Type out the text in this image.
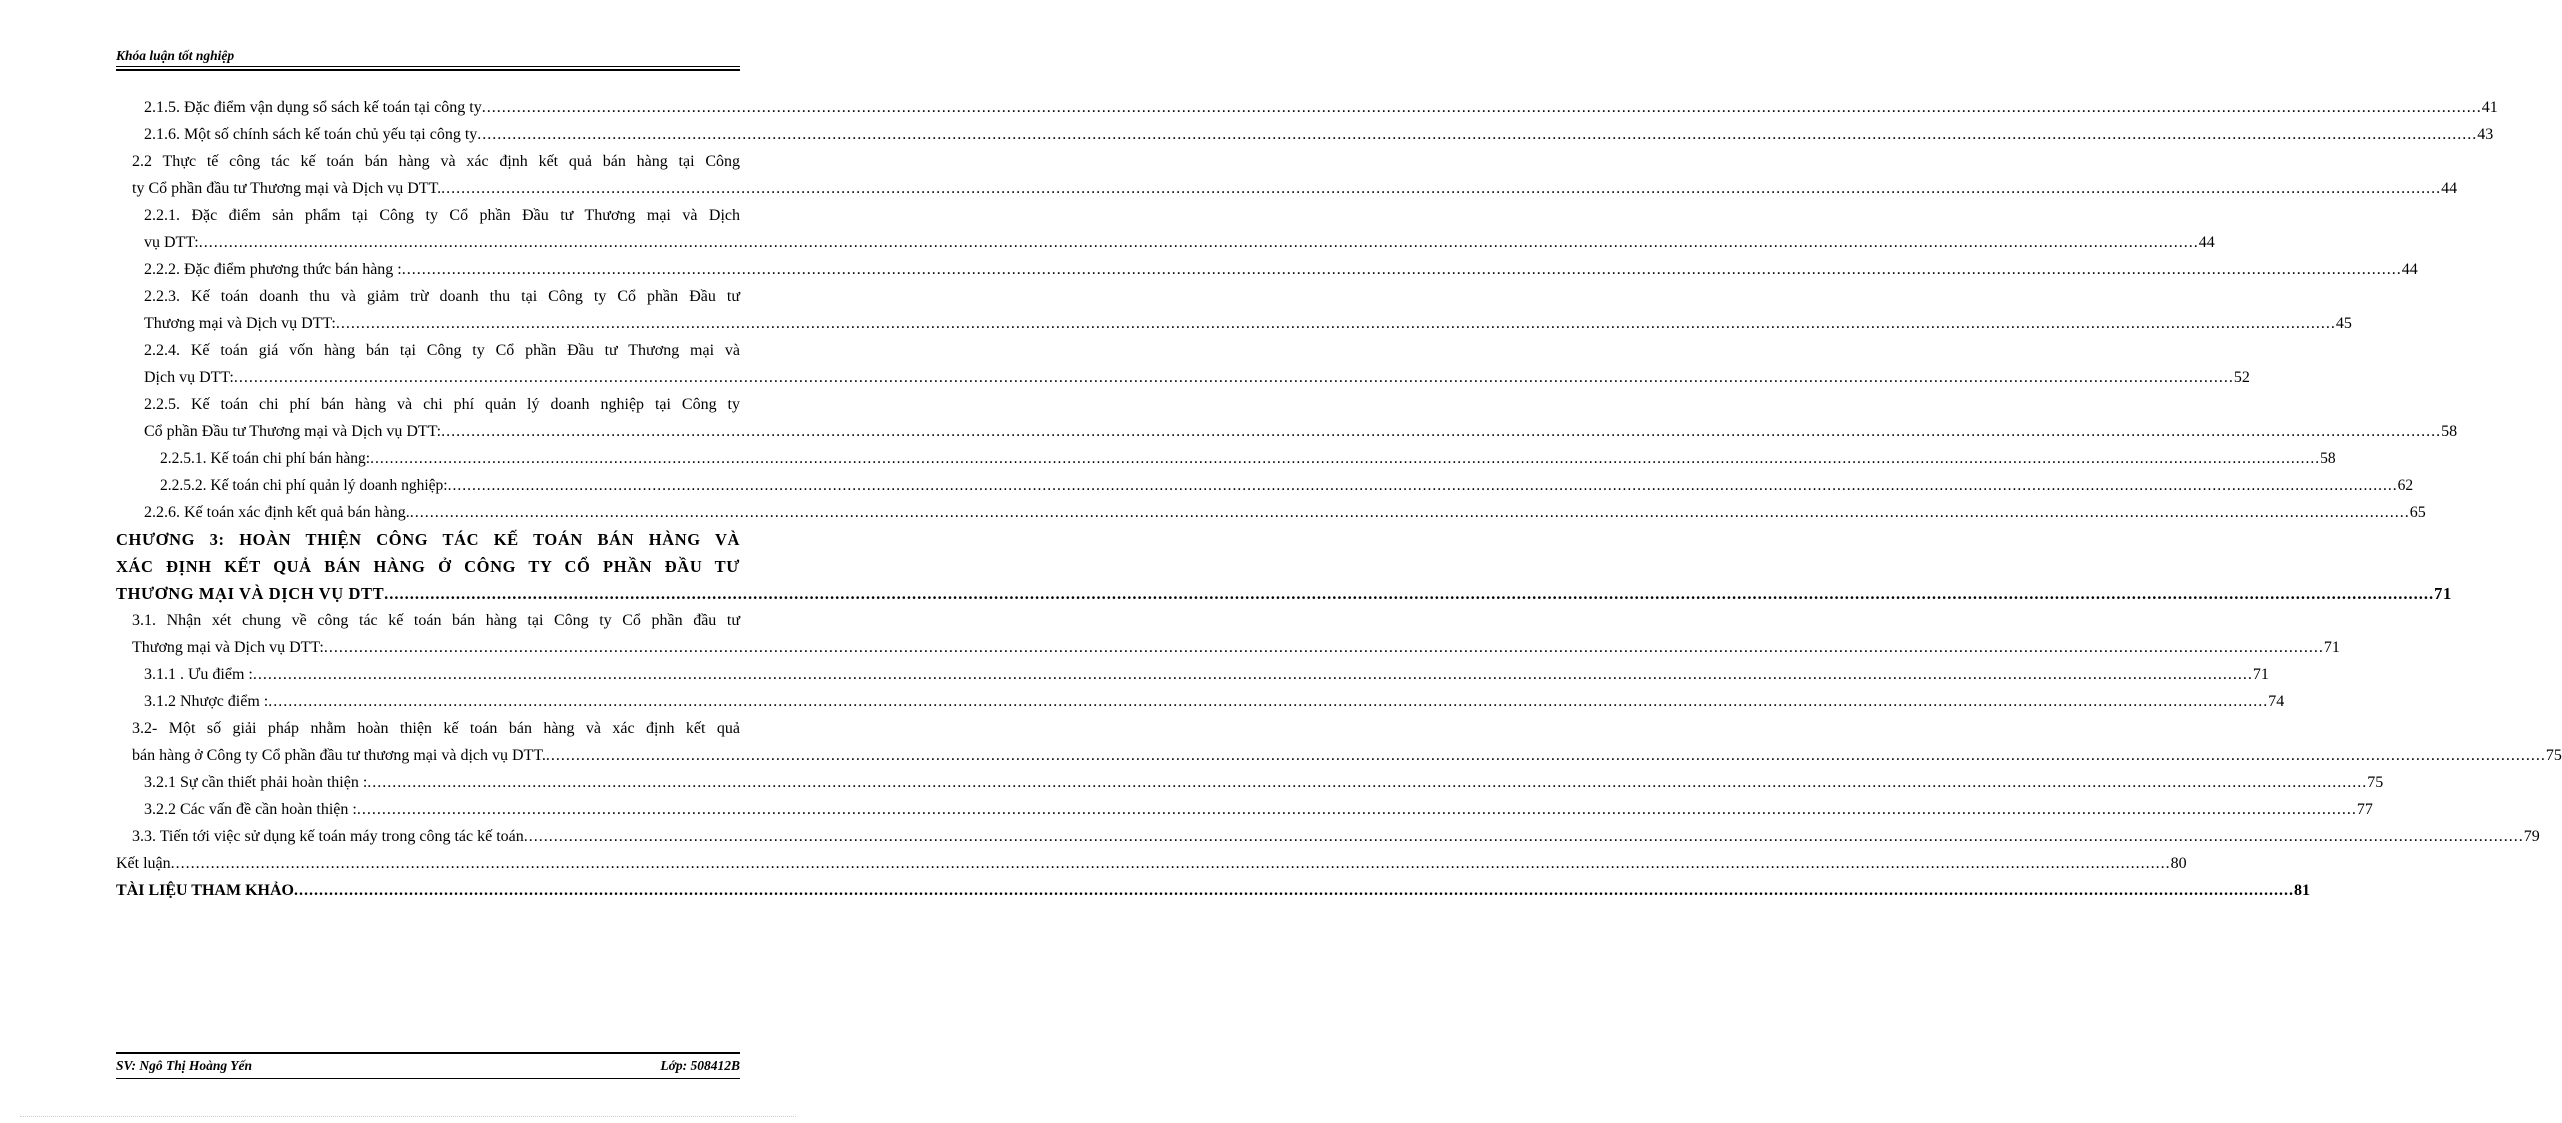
Khóa luận tốt nghiệp
2.1.5. Đặc điểm vận dụng sổ sách kế toán tại công ty ................................................................................................................................................................................................................................................................................................................................................................................................................ 41
2.1.6. Một số chính sách kế toán chủ yếu tại công ty ................................................................................................................................................................................................................................................................................................................................................................................................................ 43
2.2 Thực tế công tác kế toán bán hàng và xác định kết quả bán hàng tại Công
ty Cổ phần đầu tư Thương mại và Dịch vụ DTT. ................................................................................................................................................................................................................................................................................................................................................................................................................ 44
2.2.1. Đặc điểm sản phẩm tại Công ty Cổ phần Đầu tư Thương mại và Dịch
vụ DTT: ................................................................................................................................................................................................................................................................................................................................................................................................................ 44
2.2.2. Đặc điểm phương thức bán hàng : ................................................................................................................................................................................................................................................................................................................................................................................................................ 44
2.2.3. Kế toán doanh thu và giảm trừ doanh thu tại Công ty Cổ phần Đầu tư
Thương mại và Dịch vụ DTT: ................................................................................................................................................................................................................................................................................................................................................................................................................ 45
2.2.4. Kế toán giá vốn hàng bán tại Công ty Cổ phần Đầu tư Thương mại và
Dịch vụ DTT: ................................................................................................................................................................................................................................................................................................................................................................................................................ 52
2.2.5. Kế toán chi phí bán hàng và chi phí quản lý doanh nghiệp tại Công ty
Cổ phần Đầu tư Thương mại và Dịch vụ DTT: ................................................................................................................................................................................................................................................................................................................................................................................................................ 58
2.2.5.1. Kế toán chi phí bán hàng: ................................................................................................................................................................................................................................................................................................................................................................................................................ 58
2.2.5.2. Kế toán chi phí quản lý doanh nghiệp: ................................................................................................................................................................................................................................................................................................................................................................................................................ 62
2.2.6. Kế toán xác định kết quả bán hàng. ................................................................................................................................................................................................................................................................................................................................................................................................................ 65
CHƯƠNG 3: HOÀN THIỆN CÔNG TÁC KẾ TOÁN BÁN HÀNG VÀ
XÁC ĐỊNH KẾT QUẢ BÁN HÀNG Ở CÔNG TY CỔ PHẦN ĐẦU TƯ
THƯƠNG MẠI VÀ DỊCH VỤ DTT ................................................................................................................................................................................................................................................................................................................................................................................................................ 71
3.1. Nhận xét chung về công tác kế toán bán hàng tại Công ty Cổ phần đầu tư
Thương mại và Dịch vụ DTT: ................................................................................................................................................................................................................................................................................................................................................................................................................ 71
3.1.1 . Ưu điểm : ................................................................................................................................................................................................................................................................................................................................................................................................................ 71
3.1.2 Nhược điểm : ................................................................................................................................................................................................................................................................................................................................................................................................................ 74
3.2- Một số giải pháp nhằm hoàn thiện kế toán bán hàng và xác định kết quả
bán hàng ở Công ty Cổ phần đầu tư thương mại và dịch vụ DTT. ................................................................................................................................................................................................................................................................................................................................................................................................................ 75
3.2.1 Sự cần thiết phải hoàn thiện : ................................................................................................................................................................................................................................................................................................................................................................................................................ 75
3.2.2 Các vấn đề cần hoàn thiện : ................................................................................................................................................................................................................................................................................................................................................................................................................ 77
3.3. Tiến tới việc sử dụng kế toán máy trong công tác kế toán ................................................................................................................................................................................................................................................................................................................................................................................................................ 79
Kết luận ................................................................................................................................................................................................................................................................................................................................................................................................................ 80
TÀI LIỆU THAM KHẢO ................................................................................................................................................................................................................................................................................................................................................................................................................ 81
SV: Ngô Thị Hoàng Yến	Lớp: 508412B
